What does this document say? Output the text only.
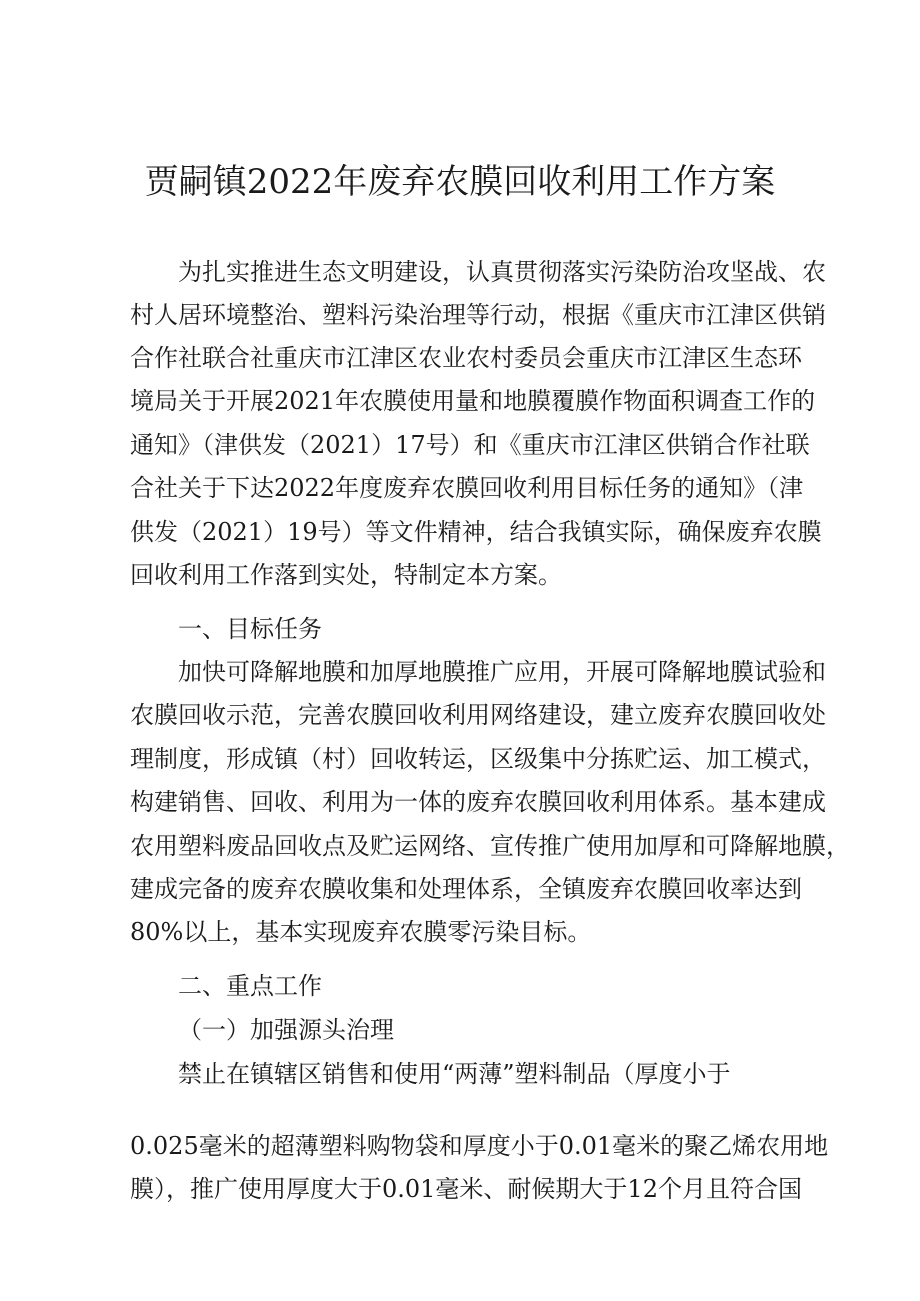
贾嗣镇2022年废弃农膜回收利用工作方案

为扎实推进生态文明建设，认真贯彻落实污染防治攻坚战、农

村人居环境整治、塑料污染治理等行动，根据《重庆市江津区供销

合作社联合社重庆市江津区农业农村委员会重庆市江津区生态环

境局关于开展2021年农膜使用量和地膜覆膜作物面积调查工作的

通知》（津供发（2021）17号）和《重庆市江津区供销合作社联

合社关于下达2022年度废弃农膜回收利用目标任务的通知》（津

供发（2021）19号）等文件精神，结合我镇实际，确保废弃农膜

回收利用工作落到实处，特制定本方案。

一、目标任务

加快可降解地膜和加厚地膜推广应用，开展可降解地膜试验和

农膜回收示范，完善农膜回收利用网络建设，建立废弃农膜回收处

理制度，形成镇（村）回收转运，区级集中分拣贮运、加工模式，

构建销售、回收、利用为一体的废弃农膜回收利用体系。基本建成

农用塑料废品回收点及贮运网络、宣传推广使用加厚和可降解地膜，

建成完备的废弃农膜收集和处理体系，全镇废弃农膜回收率达到

80%以上，基本实现废弃农膜零污染目标。

二、重点工作

（一）加强源头治理

禁止在镇辖区销售和使用“两薄”塑料制品（厚度小于

0.025毫米的超薄塑料购物袋和厚度小于0.01毫米的聚乙烯农用地

膜），推广使用厚度大于0.01毫米、耐候期大于12个月且符合国
